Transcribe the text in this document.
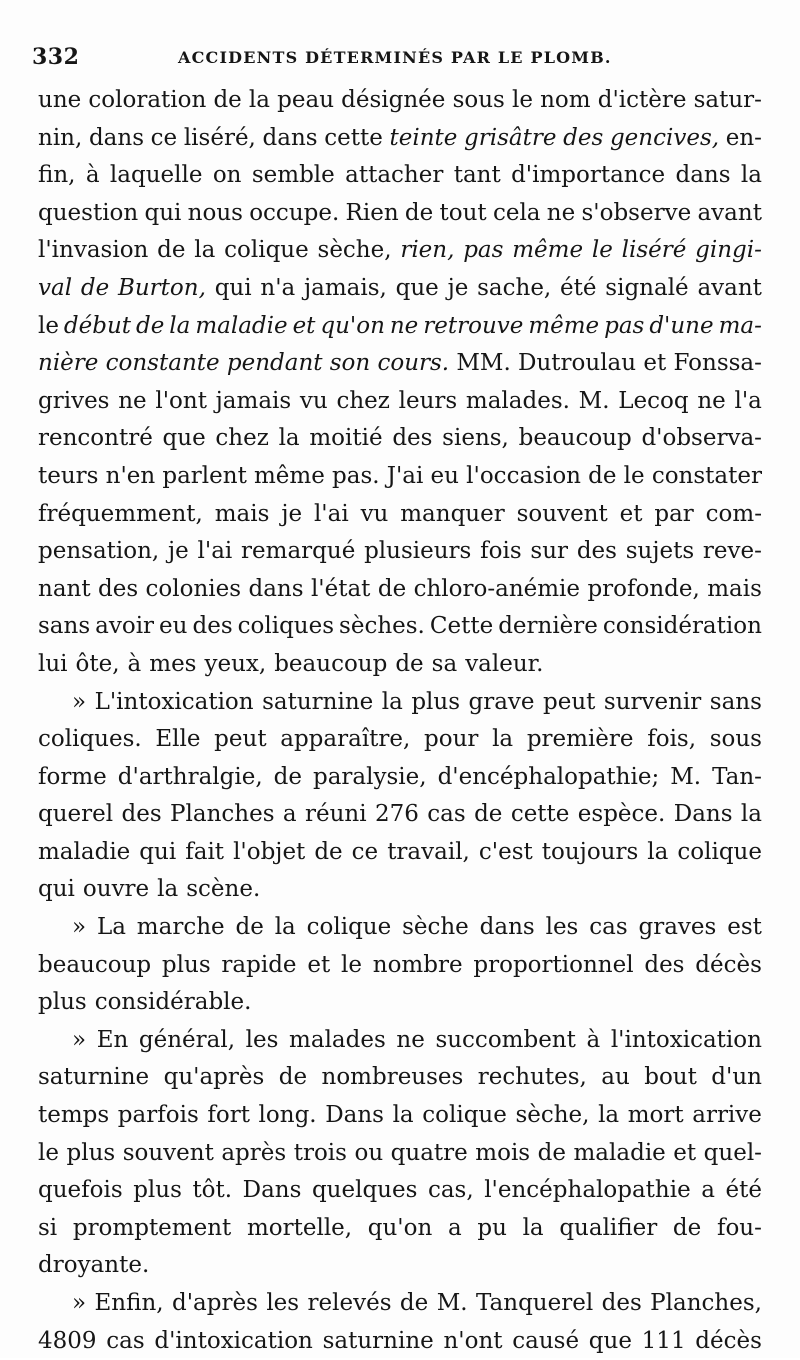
332	ACCIDENTS DÉTERMINÉS PAR LE PLOMB.
une coloration de la peau désignée sous le nom d'ictère satur-
nin, dans ce liséré, dans cette teinte grisâtre des gencives, en-
fin, à laquelle on semble attacher tant d'importance dans la
question qui nous occupe. Rien de tout cela ne s'observe avant
l'invasion de la colique sèche, rien, pas même le liséré gingi-
val de Burton, qui n'a jamais, que je sache, été signalé avant
le début de la maladie et qu'on ne retrouve même pas d'une ma-
nière constante pendant son cours. MM. Dutroulau et Fonssa-
grives ne l'ont jamais vu chez leurs malades. M. Lecoq ne l'a
rencontré que chez la moitié des siens, beaucoup d'observa-
teurs n'en parlent même pas. J'ai eu l'occasion de le constater
fréquemment, mais je l'ai vu manquer souvent et par com-
pensation, je l'ai remarqué plusieurs fois sur des sujets reve-
nant des colonies dans l'état de chloro-anémie profonde, mais
sans avoir eu des coliques sèches. Cette dernière considération
lui ôte, à mes yeux, beaucoup de sa valeur.
» L'intoxication saturnine la plus grave peut survenir sans
coliques. Elle peut apparaître, pour la première fois, sous
forme d'arthralgie, de paralysie, d'encéphalopathie; M. Tan-
querel des Planches a réuni 276 cas de cette espèce. Dans la
maladie qui fait l'objet de ce travail, c'est toujours la colique
qui ouvre la scène.
» La marche de la colique sèche dans les cas graves est
beaucoup plus rapide et le nombre proportionnel des décès
plus considérable.
» En général, les malades ne succombent à l'intoxication
saturnine qu'après de nombreuses rechutes, au bout d'un
temps parfois fort long. Dans la colique sèche, la mort arrive
le plus souvent après trois ou quatre mois de maladie et quel-
quefois plus tôt. Dans quelques cas, l'encéphalopathie a été
si promptement mortelle, qu'on a pu la qualifier de fou-
droyante.
» Enfin, d'après les relevés de M. Tanquerel des Planches,
4809 cas d'intoxication saturnine n'ont causé que 111 décès
